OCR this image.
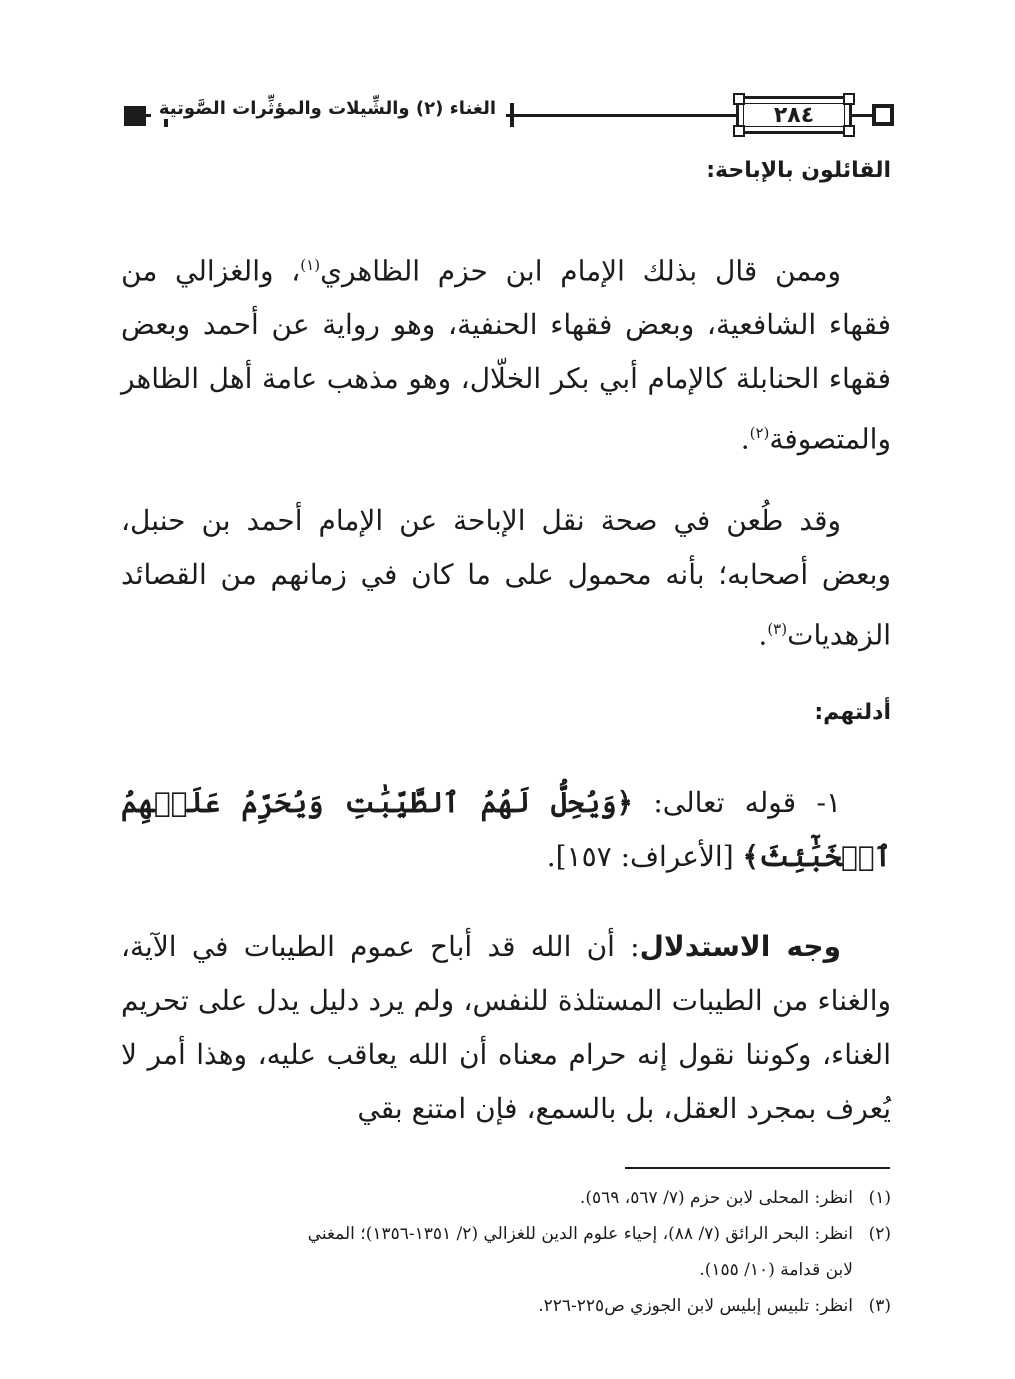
٢٨٤
الغناء (٢) والشِّيلات والمؤثِّرات الصَّوتية
القائلون بالإباحة:
وممن قال بذلك الإمام ابن حزم الظاهري$^{(١)}$، والغزالي من فقهاء الشافعية، وبعض فقهاء الحنفية، وهو رواية عن أحمد وبعض فقهاء الحنابلة كالإمام أبي بكر الخلّال، وهو مذهب عامة أهل الظاهر والمتصوفة$^{(٢)}$.
وقد طُعن في صحة نقل الإباحة عن الإمام أحمد بن حنبل، وبعض أصحابه؛ بأنه محمول على ما كان في زمانهم من القصائد الزهديات$^{(٣)}$.
أدلتهم:
١- قوله تعالى: ﴿وَيُحِلُّ لَهُمُ ٱلطَّيِّبَٰتِ وَيُحَرِّمُ عَلَيۡهِمُ ٱلۡخَبَٰٓئِثَ﴾ [الأعراف: ١٥٧].
وجه الاستدلال: أن الله قد أباح عموم الطيبات في الآية، والغناء من الطيبات المستلذة للنفس، ولم يرد دليل يدل على تحريم الغناء، وكوننا نقول إنه حرام معناه أن الله يعاقب عليه، وهذا أمر لا يُعرف بمجرد العقل، بل بالسمع، فإن امتنع بقي
(١)انظر: المحلى لابن حزم (٧/ ٥٦٧، ٥٦٩).
(٢)انظر: البحر الرائق (٧/ ٨٨)، إحياء علوم الدين للغزالي (٢/ ١٣٥١-١٣٥٦)؛ المغني
لابن قدامة (١٠/ ١٥٥).
(٣)انظر: تلبيس إبليس لابن الجوزي ص٢٢٥-٢٢٦.
